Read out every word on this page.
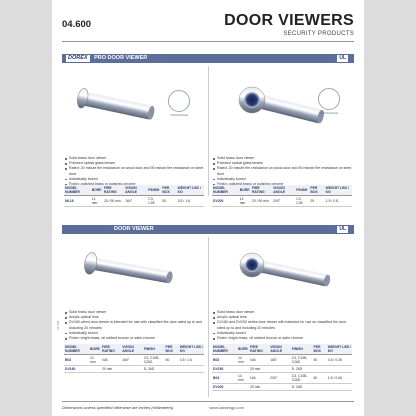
04.600	DOOR VIEWERS
SECURITY PRODUCTS
DOREX PRO DOOR VIEWER	UL
VISION ANGLE
VISION ANGLE
Solid brass door viewer
Polished optical glass lenses
Rated: 20 minute fire resistance on wood door and 90 minute fire resistance on steel door
Individually boxed
Solid brass door viewer
Polished optical glass lenses
Rated: 20 minute fire resistance on wood door and 90 minute fire resistance on steel door
Individually boxed
MODEL NUMBER	BORE	FIRE RATING	VISION ANGLE	FINISH	PER BOX	WEIGHT LBS / KG
ML16	12 mm	20 / 90 min	160°	C3, C26	50	3.5 / 1.6
MODEL NUMBER	BORE	FIRE RATING	VISION ANGLE	FINISH	PER BOX	WEIGHT LBS / KG
DV200	14 mm	20 / 90 min	200°	C3, C26	29	1.9 / 0.8
DOOR VIEWER	UL
Solid brass door viewer
Acrylic optical lens
DV160 wired door viewer is intended for use with classified fire door rated up to and including 20 minutes
Individually boxed
Finish: bright brass, oil rubbed bronze or satin chrome
Solid brass door viewer
Acrylic optical lens
DV180 and DV200 series door viewer with intended for use on classified fire door rated up to and including 20 minutes
Individually boxed
Finish: bright brass, oil rubbed bronze or satin chrome
MODEL NUMBER	BORE	FIRE RATING	VISION ANGLE	FINISH	PER BOX	WEIGHT LBS / KG
B02	12 mm	N/A	160°	C3, C10B, C26D	50	3.5 / 1.6
DV160		20 min		D, 26D		
MODEL NUMBER	BORE	FIRE RATING	VISION ANGLE	FINISH	PER BOX	WEIGHT LBS / KG
B03	14 mm	N/A	180°	C3, C10B, C26D	50	0.8 / 0.35
DV180		20 min		D, 26D		
B04	14 mm	N/A	200°	C3, C10B, C26D	50	1.5 / 0.66
DV200		20 min		D, 26D		
04-600
Dimensions unless specified otherwise are inches (millimeters)	www.canamgp.com
